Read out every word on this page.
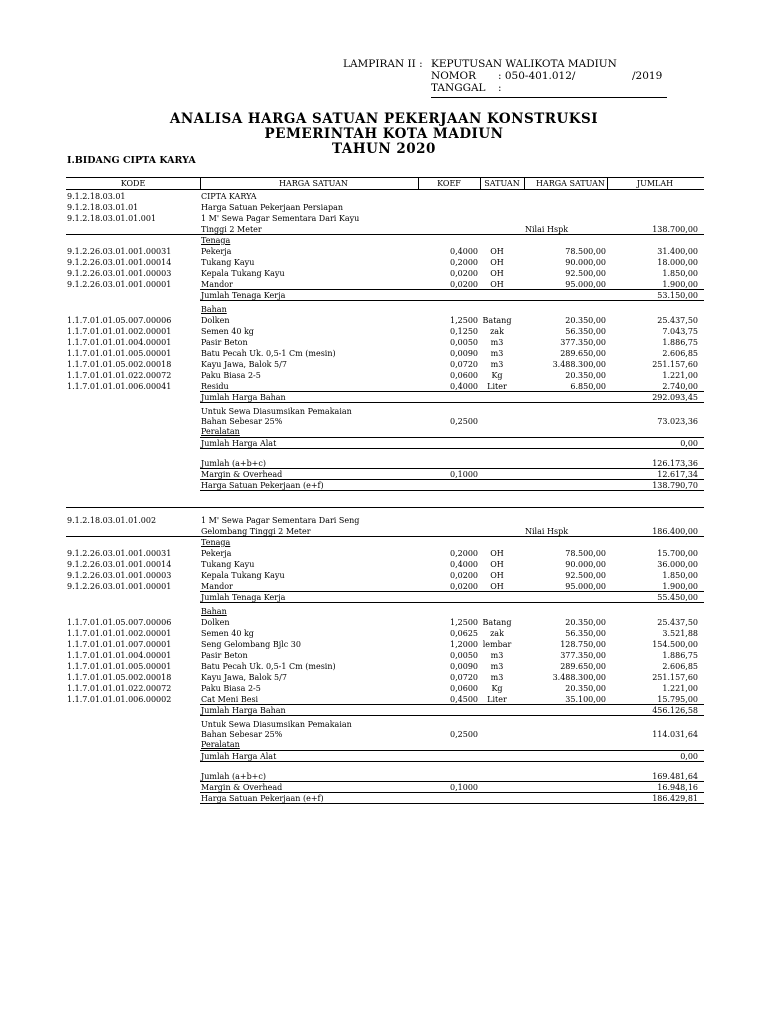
LAMPIRAN II : KEPUTUSAN WALIKOTA MADIUN
NOMOR : 050-401.012/	/2019
TANGGAL :
ANALISA HARGA SATUAN PEKERJAAN KONSTRUKSI
PEMERINTAH KOTA MADIUN
TAHUN 2020
I.BIDANG CIPTA KARYA
KODE	HARGA SATUAN	KOEF	SATUAN	HARGA SATUAN	JUMLAH
9.1.2.18.03.01	CIPTA KARYA
9.1.2.18.03.01.01	Harga Satuan Pekerjaan Persiapan
9.1.2.18.03.01.01.001	1 M' Sewa Pagar Sementara Dari Kayu
Tinggi 2 Meter	Nilai Hspk	138.700,00
Tenaga
9.1.2.26.03.01.001.00031	Pekerja	0,4000	OH	78.500,00	31.400,00
9.1.2.26.03.01.001.00014	Tukang Kayu	0,2000	OH	90.000,00	18.000,00
9.1.2.26.03.01.001.00003	Kepala Tukang Kayu	0,0200	OH	92.500,00	1.850,00
9.1.2.26.03.01.001.00001	Mandor	0,0200	OH	95.000,00	1.900,00
Jumlah Tenaga Kerja	53.150,00
Bahan
1.1.7.01.01.05.007.00006	Dolken	1,2500 Batang	20.350,00	25.437,50
1.1.7.01.01.01.002.00001	Semen 40 kg	0,1250	zak	56.350,00	7.043,75
1.1.7.01.01.01.004.00001	Pasir Beton	0,0050	m3	377.350,00	1.886,75
1.1.7.01.01.01.005.00001	Batu Pecah Uk. 0,5-1 Cm (mesin)	0,0090	m3	289.650,00	2.606,85
1.1.7.01.01.05.002.00018	Kayu Jawa, Balok 5/7	0,0720	m3	3.488.300,00	251.157,60
1.1.7.01.01.01.022.00072	Paku Biasa 2-5	0,0600	Kg	20.350,00	1.221,00
1.1.7.01.01.01.006.00041	Residu	0,4000	Liter	6.850,00	2.740,00
Jumlah Harga Bahan	292.093,45
Untuk Sewa Diasumsikan Pemakaian
Bahan Sebesar 25%	0,2500	73.023,36
Peralatan
Jumlah Harga Alat	0,00
Jumlah (a+b+c)	126.173,36
Margin & Overhead	0,1000	12.617,34
Harga Satuan Pekerjaan (e+f)	138.790,70
9.1.2.18.03.01.01.002	1 M' Sewa Pagar Sementara Dari Seng
Gelombang Tinggi 2 Meter	Nilai Hspk	186.400,00
Tenaga
9.1.2.26.03.01.001.00031	Pekerja	0,2000	OH	78.500,00	15.700,00
9.1.2.26.03.01.001.00014	Tukang Kayu	0,4000	OH	90.000,00	36.000,00
9.1.2.26.03.01.001.00003	Kepala Tukang Kayu	0,0200	OH	92.500,00	1.850,00
9.1.2.26.03.01.001.00001	Mandor	0,0200	OH	95.000,00	1.900,00
Jumlah Tenaga Kerja	55.450,00
Bahan
1.1.7.01.01.05.007.00006	Dolken	1,2500 Batang	20.350,00	25.437,50
1.1.7.01.01.01.002.00001	Semen 40 kg	0,0625	zak	56.350,00	3.521,88
1.1.7.01.01.01.007.00001	Seng Gelombang Bjlc 30	1,2000 lembar	128.750,00	154.500,00
1.1.7.01.01.01.004.00001	Pasir Beton	0,0050	m3	377.350,00	1.886,75
1.1.7.01.01.01.005.00001	Batu Pecah Uk. 0,5-1 Cm (mesin)	0,0090	m3	289.650,00	2.606,85
1.1.7.01.01.05.002.00018	Kayu Jawa, Balok 5/7	0,0720	m3	3.488.300,00	251.157,60
1.1.7.01.01.01.022.00072	Paku Biasa 2-5	0,0600	Kg	20.350,00	1.221,00
1.1.7.01.01.01.006.00002	Cat Meni Besi	0,4500	Liter	35.100,00	15.795,00
Jumlah Harga Bahan	456.126,58
Untuk Sewa Diasumsikan Pemakaian
Bahan Sebesar 25%	0,2500	114.031,64
Peralatan
Jumlah Harga Alat	0,00
Jumlah (a+b+c)	169.481,64
Margin & Overhead	0,1000	16.948,16
Harga Satuan Pekerjaan (e+f)	186.429,81
